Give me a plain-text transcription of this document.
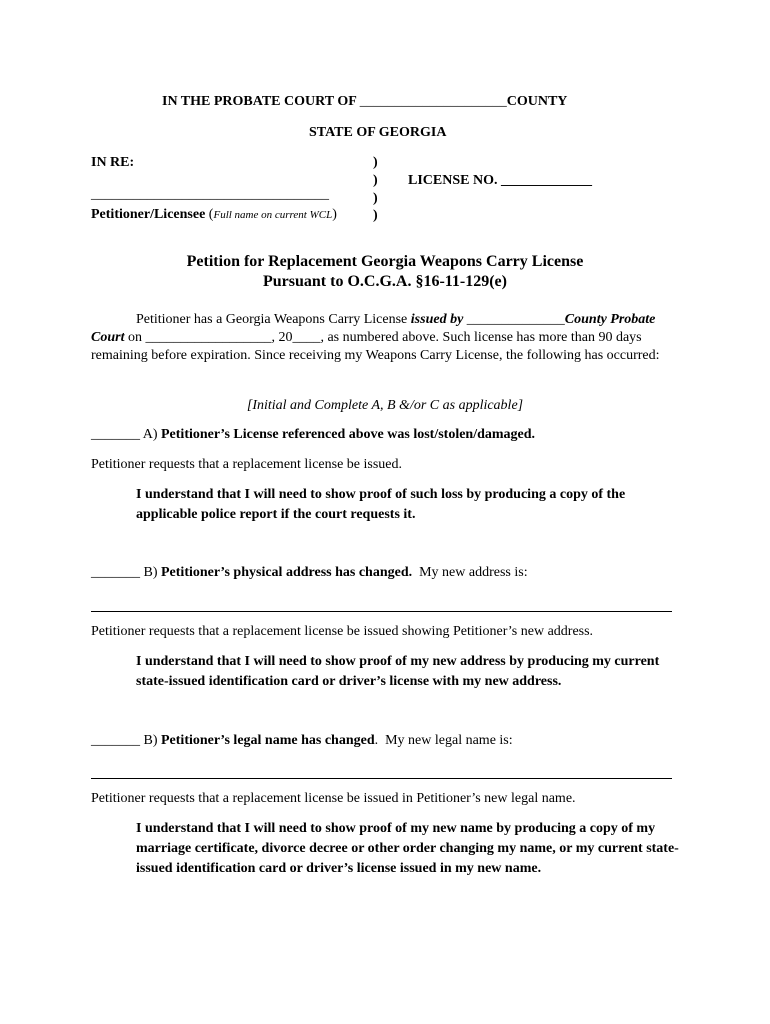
IN THE PROBATE COURT OF _____________________COUNTY
STATE OF GEORGIA
IN RE:	)
)
)
)
LICENSE NO. _____________
__________________________________
Petitioner/Licensee (Full name on current WCL)
Petition for Replacement Georgia Weapons Carry License
Pursuant to O.C.G.A. §16-11-129(e)
Petitioner has a Georgia Weapons Carry License issued by ______________County Probate Court on __________________, 20____, as numbered above. Such license has more than 90 days remaining before expiration. Since receiving my Weapons Carry License, the following has occurred:
[Initial and Complete A, B &/or C as applicable]
_______ A) Petitioner’s License referenced above was lost/stolen/damaged.
Petitioner requests that a replacement license be issued.
I understand that I will need to show proof of such loss by producing a copy of the applicable police report if the court requests it.
_______ B) Petitioner’s physical address has changed.  My new address is:
Petitioner requests that a replacement license be issued showing Petitioner’s new address.
I understand that I will need to show proof of my new address by producing my current state-issued identification card or driver’s license with my new address.
_______ B) Petitioner’s legal name has changed.  My new legal name is:
Petitioner requests that a replacement license be issued in Petitioner’s new legal name.
I understand that I will need to show proof of my new name by producing a copy of my marriage certificate, divorce decree or other order changing my name, or my current state-issued identification card or driver’s license issued in my new name.
